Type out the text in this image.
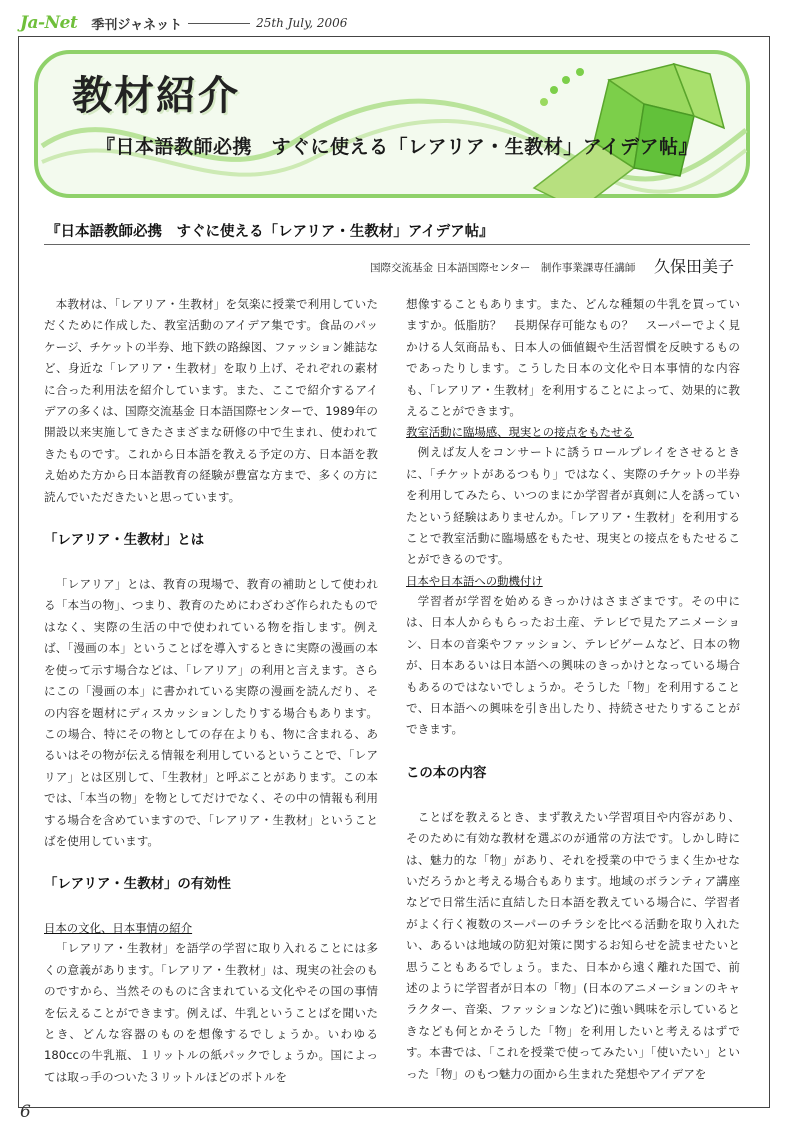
Ja-Net 季刊ジャネット	25th July, 2006
教材紹介
『日本語教師必携　すぐに使える「レアリア・生教材」アイデア帖』
『日本語教師必携　すぐに使える「レアリア・生教材」アイデア帖』
国際交流基金 日本語国際センター　制作事業課専任講師 久保田美子

本教材は、「レアリア・生教材」を気楽に授業で利用していただくために作成した、教室活動のアイデア集です。食品のパッケージ、チケットの半券、地下鉄の路線図、ファッション雑誌など、身近な「レアリア・生教材」を取り上げ、それぞれの素材に合った利用法を紹介しています。また、ここで紹介するアイデアの多くは、国際交流基金 日本語国際センターで、1989年の開設以来実施してきたさまざまな研修の中で生まれ、使われてきたものです。これから日本語を教える予定の方、日本語を教え始めた方から日本語教育の経験が豊富な方まで、多くの方に読んでいただきたいと思っています。

「レアリア・生教材」とは

「レアリア」とは、教育の現場で、教育の補助として使われる「本当の物」、つまり、教育のためにわざわざ作られたものではなく、実際の生活の中で使われている物を指します。例えば、「漫画の本」ということばを導入するときに実際の漫画の本を使って示す場合などは、「レアリア」の利用と言えます。さらにこの「漫画の本」に書かれている実際の漫画を読んだり、その内容を題材にディスカッションしたりする場合もあります。この場合、特にその物としての存在よりも、物に含まれる、あるいはその物が伝える情報を利用しているということで、「レアリア」とは区別して、「生教材」と呼ぶことがあります。この本では、「本当の物」を物としてだけでなく、その中の情報も利用する場合を含めていますので、「レアリア・生教材」ということばを使用しています。

「レアリア・生教材」の有効性
日本の文化、日本事情の紹介

「レアリア・生教材」を語学の学習に取り入れることには多くの意義があります。「レアリア・生教材」は、現実の社会のものですから、当然そのものに含まれている文化やその国の事情を伝えることができます。例えば、牛乳ということばを聞いたとき、どんな容器のものを想像するでしょうか。いわゆる180ccの牛乳瓶、１リットルの紙パックでしょうか。国によっては取っ手のついた３リットルほどのボトルを

想像することもあります。また、どんな種類の牛乳を買っていますか。低脂肪？　長期保存可能なもの？　スーパーでよく見かける人気商品も、日本人の価値観や生活習慣を反映するものであったりします。こうした日本の文化や日本事情的な内容も、「レアリア・生教材」を利用することによって、効果的に教えることができます。

教室活動に臨場感、現実との接点をもたせる

例えば友人をコンサートに誘うロールプレイをさせるときに、「チケットがあるつもり」ではなく、実際のチケットの半券を利用してみたら、いつのまにか学習者が真剣に人を誘っていたという経験はありませんか。「レアリア・生教材」を利用することで教室活動に臨場感をもたせ、現実との接点をもたせることができるのです。

日本や日本語への動機付け

学習者が学習を始めるきっかけはさまざまです。その中には、日本人からもらったお土産、テレビで見たアニメーション、日本の音楽やファッション、テレビゲームなど、日本の物が、日本あるいは日本語への興味のきっかけとなっている場合もあるのではないでしょうか。そうした「物」を利用することで、日本語への興味を引き出したり、持続させたりすることができます。

この本の内容

ことばを教えるとき、まず教えたい学習項目や内容があり、そのために有効な教材を選ぶのが通常の方法です。しかし時には、魅力的な「物」があり、それを授業の中でうまく生かせないだろうかと考える場合もあります。地域のボランティア講座などで日常生活に直結した日本語を教えている場合に、学習者がよく行く複数のスーパーのチラシを比べる活動を取り入れたい、あるいは地域の防犯対策に関するお知らせを読ませたいと思うこともあるでしょう。また、日本から遠く離れた国で、前述のように学習者が日本の「物」(日本のアニメーションのキャラクター、音楽、ファッションなど)に強い興味を示しているときなども何とかそうした「物」を利用したいと考えるはずです。本書では、「これを授業で使ってみたい」「使いたい」といった「物」のもつ魅力の面から生まれた発想やアイデアを

6
